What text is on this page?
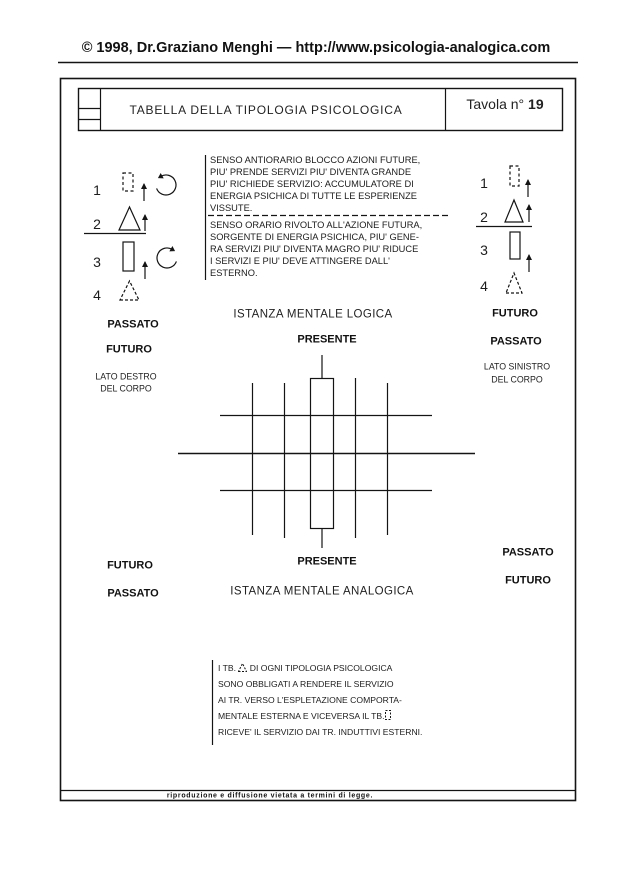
1
2
3
4
1
2
3
4
© 1998, Dr.Graziano Menghi — http://www.psicologia-analogica.com
TABELLA DELLA TIPOLOGIA PSICOLOGICA	Tavola n° 19
SENSO ANTIORARIO BLOCCO AZIONI FUTURE,
PIU' PRENDE SERVIZI PIU' DIVENTA GRANDE
PIU' RICHIEDE SERVIZIO: ACCUMULATORE DI
ENERGIA PSICHICA DI TUTTE LE ESPERIENZE
VISSUTE.
SENSO ORARIO RIVOLTO ALL'AZIONE FUTURA,
SORGENTE DI ENERGIA PSICHICA, PIU' GENE-
RA SERVIZI PIU' DIVENTA MAGRO PIU' RIDUCE
I SERVIZI E PIU' DEVE ATTINGERE DALL'
ESTERNO.
PASSATO
FUTURO
LATO DESTRO
DEL CORPO
FUTURO
PASSATO
LATO SINISTRO
DEL CORPO
ISTANZA MENTALE LOGICA
PRESENTE
PRESENTE
ISTANZA MENTALE ANALOGICA
FUTURO
PASSATO
PASSATO
FUTURO
I TB. DI OGNI TIPOLOGIA PSICOLOGICA
SONO OBBLIGATI A RENDERE IL SERVIZIO
AI TR. VERSO L'ESPLETAZIONE COMPORTA-
MENTALE ESTERNA E VICEVERSA IL TB.
RICEVE' IL SERVIZIO DAI TR. INDUTTIVI ESTERNI.
riproduzione e diffusione vietata a termini di legge.
